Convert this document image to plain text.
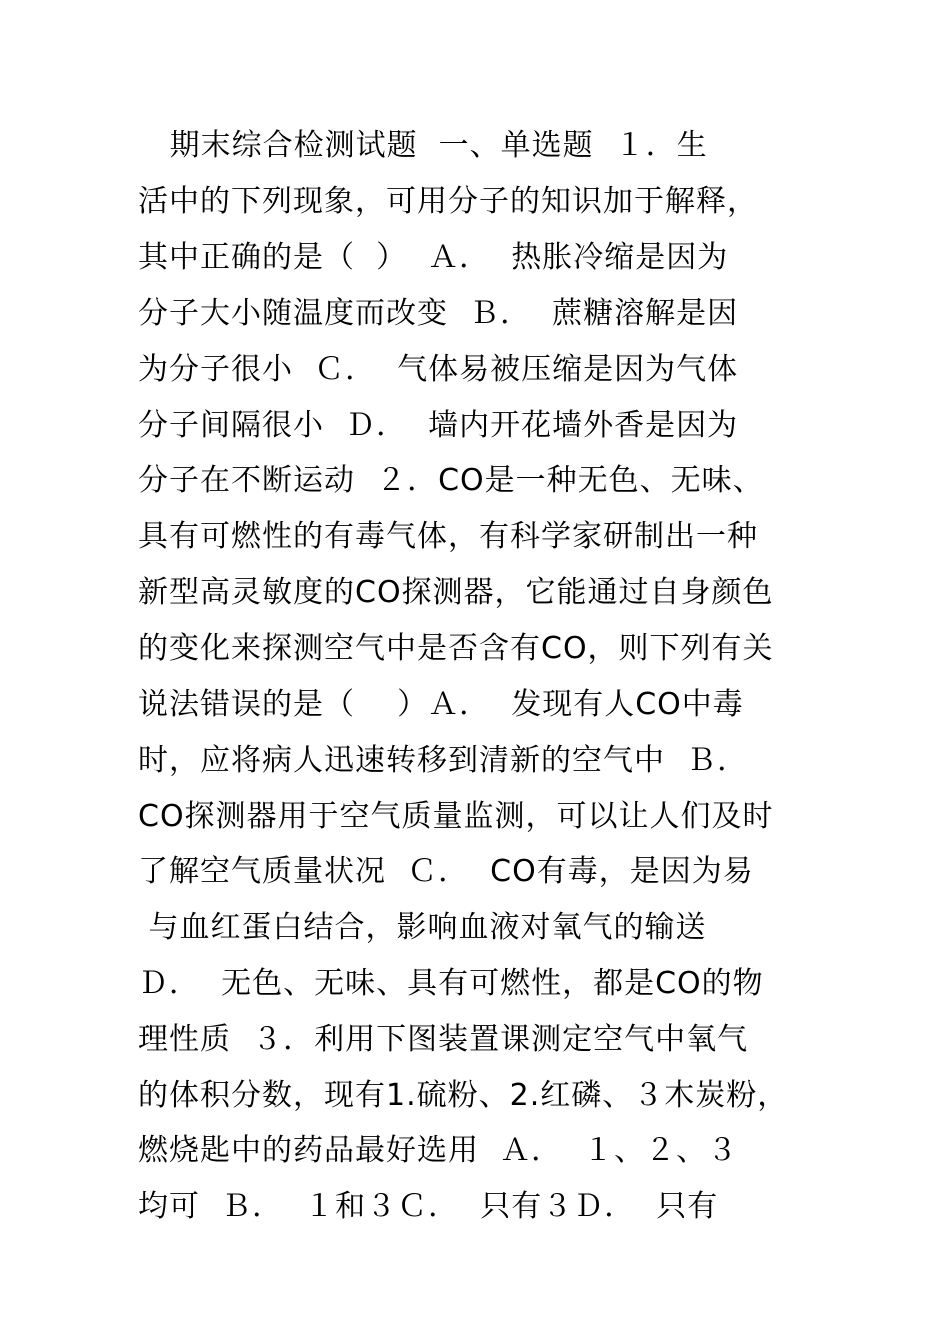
期末综合检测试题  一、单选题  １．生
活中的下列现象，可用分子的知识加于解释，
其中正确的是（  ）  Ａ．  热胀冷缩是因为
分子大小随温度而改变  Ｂ．  蔗糖溶解是因
为分子很小  Ｃ．  气体易被压缩是因为气体
分子间隔很小  Ｄ．  墙内开花墙外香是因为
分子在不断运动  ２．CO是一种无色、无味、
具有可燃性的有毒气体，有科学家研制出一种
新型高灵敏度的CO探测器，它能通过自身颜色
的变化来探测空气中是否含有CO，则下列有关
说法错误的是（    ）Ａ．  发现有人CO中毒
时，应将病人迅速转移到清新的空气中  Ｂ．
CO探测器用于空气质量监测，可以让人们及时
了解空气质量状况  Ｃ．  CO有毒，是因为易
与血红蛋白结合，影响血液对氧气的输送
Ｄ．  无色、无味、具有可燃性，都是CO的物
理性质  ３．利用下图装置课测定空气中氧气
的体积分数，现有1.硫粉、2.红磷、３木炭粉，
燃烧匙中的药品最好选用  Ａ．  １、２、３
均可  Ｂ．  １和３Ｃ．  只有３Ｄ．  只有
